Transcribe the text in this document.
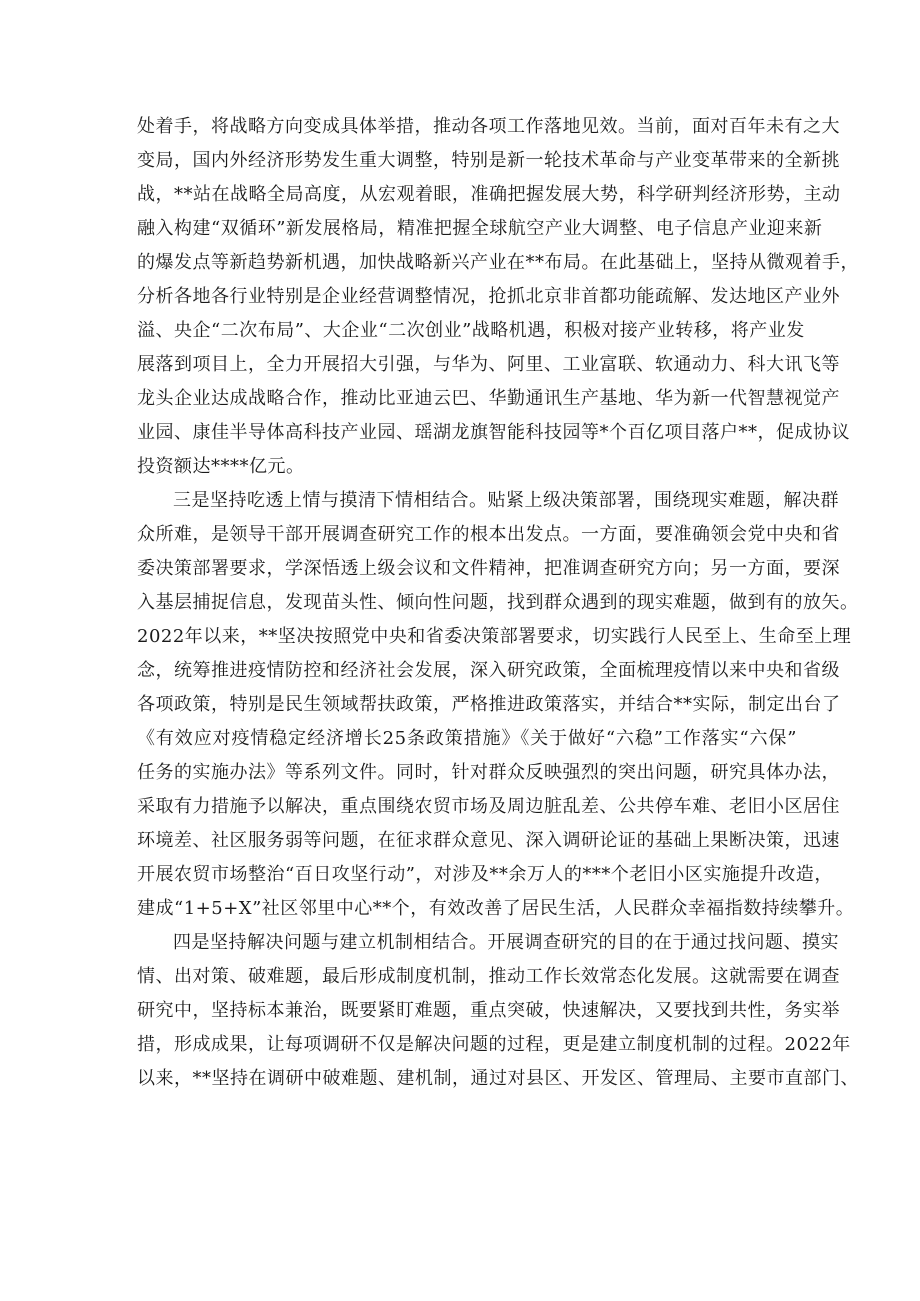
处着手，将战略方向变成具体举措，推动各项工作落地见效。当前，面对百年未有之大
变局，国内外经济形势发生重大调整，特别是新一轮技术革命与产业变革带来的全新挑
战，**站在战略全局高度，从宏观着眼，准确把握发展大势，科学研判经济形势，主动
融入构建“双循环”新发展格局，精准把握全球航空产业大调整、电子信息产业迎来新
的爆发点等新趋势新机遇，加快战略新兴产业在**布局。在此基础上，坚持从微观着手，
分析各地各行业特别是企业经营调整情况，抢抓北京非首都功能疏解、发达地区产业外
溢、央企“二次布局”、大企业“二次创业”战略机遇，积极对接产业转移，将产业发
展落到项目上，全力开展招大引强，与华为、阿里、工业富联、软通动力、科大讯飞等
龙头企业达成战略合作，推动比亚迪云巴、华勤通讯生产基地、华为新一代智慧视觉产
业园、康佳半导体高科技产业园、瑶湖龙旗智能科技园等*个百亿项目落户**，促成协议
投资额达****亿元。
三是坚持吃透上情与摸清下情相结合。贴紧上级决策部署，围绕现实难题，解决群
众所难，是领导干部开展调查研究工作的根本出发点。一方面，要准确领会党中央和省
委决策部署要求，学深悟透上级会议和文件精神，把准调查研究方向；另一方面，要深
入基层捕捉信息，发现苗头性、倾向性问题，找到群众遇到的现实难题，做到有的放矢。
2022年以来，**坚决按照党中央和省委决策部署要求，切实践行人民至上、生命至上理
念，统筹推进疫情防控和经济社会发展，深入研究政策，全面梳理疫情以来中央和省级
各项政策，特别是民生领域帮扶政策，严格推进政策落实，并结合**实际，制定出台了
《有效应对疫情稳定经济增长25条政策措施》《关于做好“六稳”工作落实“六保”
任务的实施办法》等系列文件。同时，针对群众反映强烈的突出问题，研究具体办法，
采取有力措施予以解决，重点围绕农贸市场及周边脏乱差、公共停车难、老旧小区居住
环境差、社区服务弱等问题，在征求群众意见、深入调研论证的基础上果断决策，迅速
开展农贸市场整治“百日攻坚行动”，对涉及**余万人的***个老旧小区实施提升改造，
建成“1+5+X”社区邻里中心**个，有效改善了居民生活，人民群众幸福指数持续攀升。
四是坚持解决问题与建立机制相结合。开展调查研究的目的在于通过找问题、摸实
情、出对策、破难题，最后形成制度机制，推动工作长效常态化发展。这就需要在调查
研究中，坚持标本兼治，既要紧盯难题，重点突破，快速解决，又要找到共性，务实举
措，形成成果，让每项调研不仅是解决问题的过程，更是建立制度机制的过程。2022年
以来，**坚持在调研中破难题、建机制，通过对县区、开发区、管理局、主要市直部门、
